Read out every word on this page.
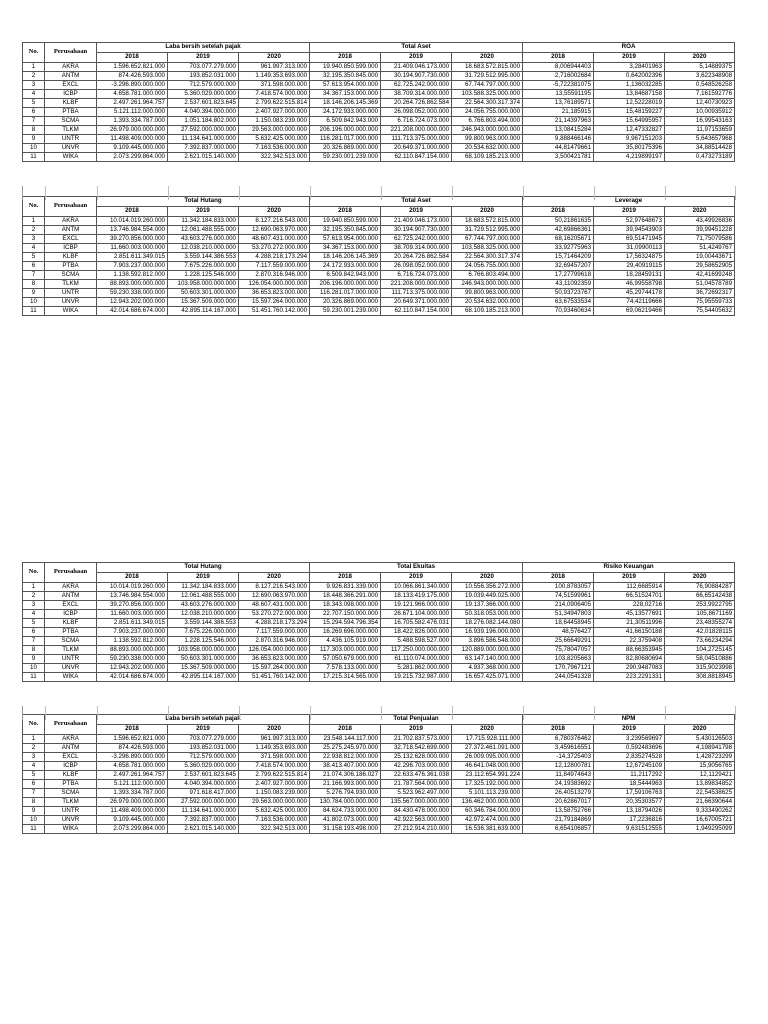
No.	Perusahaan	Laba bersih setelah pajak			Total Aset			ROA		
		2018	2019	2020	2018	2019	2020	2018	2019	2020
1	AKRA	1.596.652.821.000	703.077.279.000	961.997.313.000	19.940.850.599.000	21.409.046.173.000	18.683.572.815.000	8,006944403	3,28401963	5,14889375
2	ANTM	874.426.593.000	193.852.031.000	1.149.353.693.000	32.195.350.845.000	30.194.907.730.000	31.729.512.995.000	2,716002684	0,642002396	3,622348908
3	EXCL	-3.296.890.000.000	712.579.000.000	371.598.000.000	57.613.954.000.000	62.725.242.000.000	67.744.797.000.000	-5,722381075	1,136032285	0,548526258
4	ICBP	4.658.781.000.000	5.360.029.000.000	7.418.574.000.000	34.367.153.000.000	38.709.314.000.000	103.588.325.000.000	13,55591195	13,84687158	7,161592776
5	KLBF	2.497.261.964.757	2.537.601.823.645	2.799.622.515.814	18.146.206.145.369	20.264.726.862.584	22.564.300.317.374	13,76189571	12,52228019	12,40730923
6	PTBA	5.121.112.000.000	4.040.394.000.000	2.407.927.000.000	24.172.933.000.000	26.098.052.000.000	24.056.755.000.000	21,185915	15,48159227	10,00935912
7	SCMA	1.393.334.787.000	1.051.184.802.000	1.150.083.239.000	6.509.842.943.000	6.716.724.073.000	6.766.803.494.000	21,14397963	15,64995957	16,99543163
8	TLKM	26.979.000.000.000	27.592.000.000.000	29.563.000.000.000	206.196.000.000.000	221.208.000.000.000	246.943.000.000.000	13,08415284	12,47332827	11,97153659
9	UNTR	11.498.409.000.000	11.134.641.000.000	5.632.425.000.000	116.281.017.000.000	111.713.375.000.000	99.800.963.000.000	9,888466146	9,967151203	5,643657968
10	UNVR	9.109.445.000.000	7.392.837.000.000	7.163.536.000.000	20.326.869.000.000	20.649.371.000.000	20.534.632.000.000	44,81479661	35,80175396	34,88514428
11	WIKA	2.073.299.864.000	2.621.015.140.000	322.342.513.000	59.230.001.239.000	62.110.847.154.000	68.109.185.213.000	3,500421781	4,219899197	0,473273189
No.	Perusahaan	Total Hutang			Total Aset			Leverage		
		2018	2019	2020	2018	2019	2020	2018	2019	2020
1	AKRA	10.014.019.260.000	11.342.184.833.000	8.127.216.543.000	19.940.850.599.000	21.409.046.173.000	18.683.572.815.000	50,21861635	52,97648673	43,49926836
2	ANTM	13.746.984.554.000	12.061.488.555.000	12.690.063.970.000	32.195.350.845.000	30.194.907.730.000	31.729.512.995.000	42,69866361	39,94543903	39,99451228
3	EXCL	39.270.856.000.000	43.603.276.000.000	48.607.431.000.000	57.613.954.000.000	62.725.242.000.000	67.744.797.000.000	68,16205671	69,51471945	71,75079586
4	ICBP	11.660.003.000.000	12.038.210.000.000	53.270.272.000.000	34.367.153.000.000	38.709.314.000.000	103.588.325.000.000	33,92775963	31,09900113	51,4249767
5	KLBF	2.851.611.349.015	3.559.144.386.553	4.288.218.173.294	18.146.206.145.369	20.264.726.862.584	22.564.300.317.374	15,71464209	17,56324875	19,00443671
6	PTBA	7.903.237.000.000	7.675.226.000.000	7.117.559.000.000	24.172.933.000.000	26.098.052.000.000	24.056.755.000.000	32,69457207	29,40919115	29,58652905
7	SCMA	1.138.592.812.000	1.228.125.546.000	2.870.316.946.000	6.509.842.943.000	6.716.724.073.000	6.766.803.494.000	17,27799618	18,28459131	42,41699248
8	TLKM	88.893.000.000.000	103.958.000.000.000	126.054.000.000.000	206.196.000.000.000	221.208.000.000.000	246.943.000.000.000	43,11092359	46,99558798	51,04578789
9	UNTR	59.230.338.000.000	50.603.301.000.000	36.653.823.000.000	116.281.017.000.000	111.713.375.000.000	99.800.963.000.000	50,93723767	45,29744178	36,72692317
10	UNVR	12.943.202.000.000	15.367.509.000.000	15.597.264.000.000	20.326.869.000.000	20.649.371.000.000	20.534.632.000.000	63,67533534	74,42119666	75,95559733
11	WIKA	42.014.686.674.000	42.895.114.167.000	51.451.760.142.000	59.230.001.239.000	62.110.847.154.000	68.109.185.213.000	70,93460634	69,06219466	75,54405632
No.	Perusahaan	Total Hutang			Total Ekuitas			Risiko Keuangan		
		2018	2019	2020	2018	2019	2020	2018	2019	2020
1	AKRA	10.014.019.260.000	11.342.184.833.000	8.127.216.543.000	9.926.831.339.000	10.066.861.340.000	10.556.356.272.000	100,8783057	112,6685914	76,90884287
2	ANTM	13.746.984.554.000	12.061.488.555.000	12.690.063.970.000	18.448.366.291.000	18.133.419.175.000	19.039.449.025.000	74,51599961	66,51524701	66,65142438
3	EXCL	39.270.856.000.000	43.603.276.000.000	48.607.431.000.000	18.343.098.000.000	19.121.966.000.000	19.137.366.000.000	214,0906405	228,02716	253,9922795
4	ICBP	11.660.003.000.000	12.038.210.000.000	53.270.272.000.000	22.707.150.000.000	26.671.104.000.000	50.318.053.000.000	51,34947803	45,13577691	105,8671169
5	KLBF	2.851.611.349.015	3.559.144.386.553	4.288.218.173.294	15.294.594.796.354	16.705.582.476.031	18.276.082.144.080	18,64458945	21,30511996	23,48355274
6	PTBA	7.903.237.000.000	7.675.226.000.000	7.117.559.000.000	16.269.696.000.000	18.422.826.000.000	16.939.196.000.000	48,576427	41,66150188	42,01828115
7	SCMA	1.138.592.812.000	1.228.125.546.000	2.870.316.946.000	4.436.105.919.000	5.488.598.527.000	3.896.586.548.000	25,66649291	22,3759408	73,66234294
8	TLKM	88.893.000.000.000	103.958.000.000.000	126.054.000.000.000	117.303.000.000.000	117.250.000.000.000	120.889.000.000.000	75,78047057	88,66353945	104,2725145
9	UNTR	59.230.338.000.000	50.603.301.000.000	36.653.823.000.000	57.050.679.000.000	61.110.074.000.000	63.147.140.000.000	103,8205663	82,80680694	58,04510886
10	UNVR	12.943.202.000.000	15.367.509.000.000	15.597.264.000.000	7.578.133.000.000	5.281.862.000.000	4.937.368.000.000	170,7967121	290,9487083	315,9023998
11	WIKA	42.014.686.674.000	42.895.114.167.000	51.451.760.142.000	17.215.314.565.000	19.215.732.987.000	16.657.425.071.000	244,0541328	223,2291331	308,8818945
No.	Perusahaan	Laba bersih setelah pajak			Total Penjualan			NPM		
		2018	2019	2020	2018	2019	2020	2018	2019	2020
1	AKRA	1.596.652.821.000	703.077.279.000	961.997.313.000	23.548.144.117.000	21.702.837.573.000	17.715.928.111.000	6,780376462	3,239569697	5,430126503
2	ANTM	874.426.593.000	193.852.031.000	1.149.353.693.000	25.275.245.970.000	32.718.542.699.000	27.372.461.091.000	3,459616551	0,592483696	4,198941798
3	EXCL	-3.296.890.000.000	712.579.000.000	371.598.000.000	22.938.812.000.000	25.132.628.000.000	26.009.095.000.000	-14,3725403	2,835274528	1,428723299
4	ICBP	4.658.781.000.000	5.360.029.000.000	7.418.574.000.000	38.413.407.000.000	42.296.703.000.000	46.641.048.000.000	12,12800781	12,67245109	15,9056765
5	KLBF	2.497.261.964.757	2.537.601.823.645	2.799.622.515.814	21.074.306.186.027	22.633.476.361.038	23.112.654.991.224	11,84974643	11,2117292	12,1129421
6	PTBA	5.121.112.000.000	4.040.394.000.000	2.407.927.000.000	21.166.993.000.000	21.787.564.000.000	17.325.192.000.000	24,19383692	18,5444963	13,89834852
7	SCMA	1.393.334.787.000	971.618.417.000	1.150.083.239.000	5.276.794.930.000	5.523.962.497.000	5.101.113.239.000	26,40513279	17,59106763	22,54538625
8	TLKM	26.979.000.000.000	27.592.000.000.000	29.563.000.000.000	130.784.000.000.000	135.567.000.000.000	136.462.000.000.000	20,62867017	20,35303577	21,66390644
9	UNTR	11.498.409.000.000	11.134.641.000.000	5.632.425.000.000	84.624.733.000.000	84.430.478.000.000	60.346.784.000.000	13,58752766	13,18794026	9,333490262
10	UNVR	9.109.445.000.000	7.392.837.000.000	7.163.536.000.000	41.802.073.000.000	42.922.563.000.000	42.972.474.000.000	21,79184869	17,2236816	16,67005721
11	WIKA	2.073.299.864.000	2.621.015.140.000	322.342.513.000	31.158.193.498.000	27.212.914.210.000	16.536.381.639.000	6,654106857	9,631512555	1,949295099
